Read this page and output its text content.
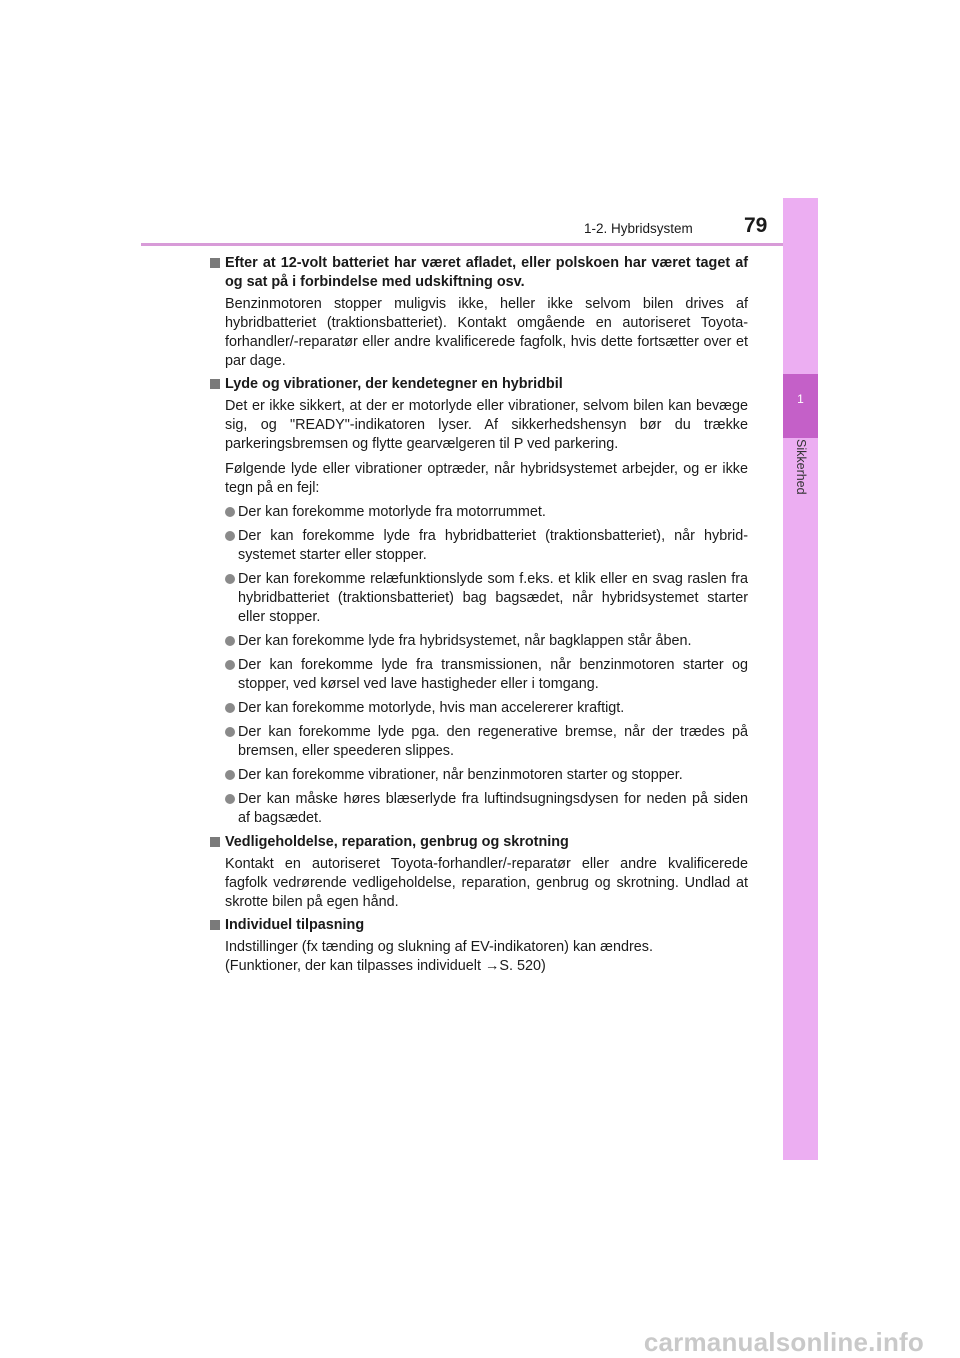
1-2. Hybridsystem 79
1
Sikkerhed
Efter at 12-volt batteriet har været afladet, eller polskoen har været taget af og sat på i forbindelse med udskiftning osv.
Benzinmotoren stopper muligvis ikke, heller ikke selvom bilen drives af hybridbatteriet (traktionsbatteriet). Kontakt omgående en autoriseret Toyota-forhandler/-reparatør eller andre kvalificerede fagfolk, hvis dette fortsætter over et par dage.
Lyde og vibrationer, der kendetegner en hybridbil
Det er ikke sikkert, at der er motorlyde eller vibrationer, selvom bilen kan bevæge sig, og "READY"-indikatoren lyser. Af sikkerhedshensyn bør du trække parkeringsbremsen og flytte gearvælgeren til P ved parkering.
Følgende lyde eller vibrationer optræder, når hybridsystemet arbejder, og er ikke tegn på en fejl:
Der kan forekomme motorlyde fra motorrummet.
Der kan forekomme lyde fra hybridbatteriet (traktionsbatteriet), når hybrid-systemet starter eller stopper.
Der kan forekomme relæfunktionslyde som f.eks. et klik eller en svag raslen fra hybridbatteriet (traktionsbatteriet) bag bagsædet, når hybridsystemet starter eller stopper.
Der kan forekomme lyde fra hybridsystemet, når bagklappen står åben.
Der kan forekomme lyde fra transmissionen, når benzinmotoren starter og stopper, ved kørsel ved lave hastigheder eller i tomgang.
Der kan forekomme motorlyde, hvis man accelererer kraftigt.
Der kan forekomme lyde pga. den regenerative bremse, når der trædes på bremsen, eller speederen slippes.
Der kan forekomme vibrationer, når benzinmotoren starter og stopper.
Der kan måske høres blæserlyde fra luftindsugningsdysen for neden på siden af bagsædet.
Vedligeholdelse, reparation, genbrug og skrotning
Kontakt en autoriseret Toyota-forhandler/-reparatør eller andre kvalificerede fagfolk vedrørende vedligeholdelse, reparation, genbrug og skrotning. Undlad at skrotte bilen på egen hånd.
Individuel tilpasning
Indstillinger (fx tænding og slukning af EV-indikatoren) kan ændres.
(Funktioner, der kan tilpasses individuelt →S. 520)
carmanualsonline.info
